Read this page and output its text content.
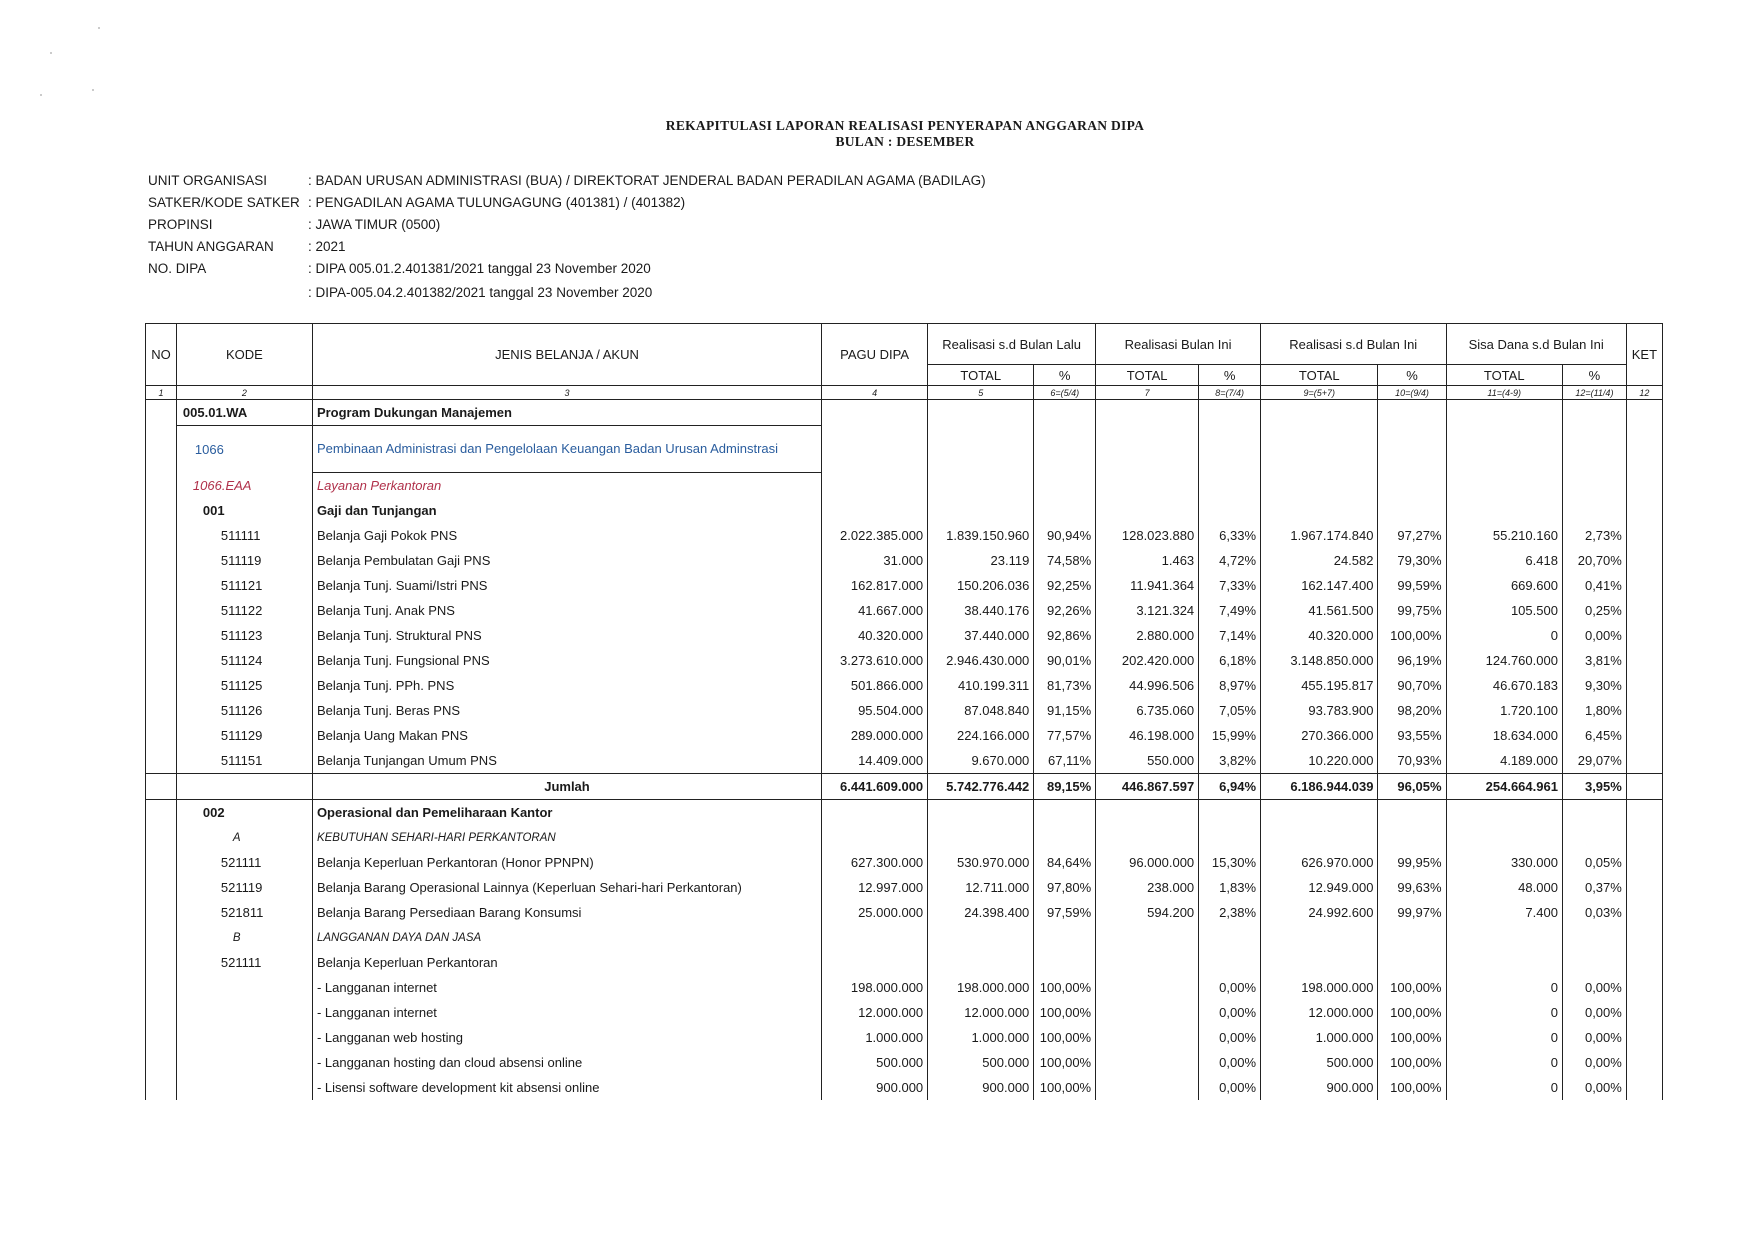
REKAPITULASI LAPORAN REALISASI PENYERAPAN ANGGARAN DIPA
BULAN : DESEMBER
UNIT ORGANISASI	: BADAN URUSAN ADMINISTRASI (BUA) / DIREKTORAT JENDERAL BADAN PERADILAN AGAMA (BADILAG)
SATKER/KODE SATKER : PENGADILAN AGAMA TULUNGAGUNG (401381) / (401382)
PROPINSI	: JAWA TIMUR (0500)
TAHUN ANGGARAN	: 2021
NO. DIPA	: DIPA 005.01.2.401381/2021 tanggal 23 November 2020
: DIPA-005.04.2.401382/2021 tanggal 23 November 2020
NO	KODE	JENIS BELANJA / AKUN	PAGU DIPA	Realisasi s.d Bulan Lalu		Realisasi Bulan Ini		Realisasi s.d Bulan Ini		Sisa Dana s.d Bulan Ini		KET
				TOTAL	%	TOTAL	%	TOTAL	%	TOTAL	%	
1	2	3	4	5	6=(5/4)	7	8=(7/4)	9=(5+7)	10=(9/4)	11=(4-9)	12=(11/4)	12
	005.01.WA	Program Dukungan Manajemen										
	1066	Pembinaan Administrasi dan Pengelolaan Keuangan Badan Urusan Adminstrasi										
	1066.EAA	Layanan Perkantoran										
	001	Gaji dan Tunjangan										
	511111	Belanja Gaji Pokok PNS	2.022.385.000	1.839.150.960	90,94%	128.023.880	6,33%	1.967.174.840	97,27%	55.210.160	2,73%	
	511119	Belanja Pembulatan Gaji PNS	31.000	23.119	74,58%	1.463	4,72%	24.582	79,30%	6.418	20,70%	
	511121	Belanja Tunj. Suami/Istri PNS	162.817.000	150.206.036	92,25%	11.941.364	7,33%	162.147.400	99,59%	669.600	0,41%	
	511122	Belanja Tunj. Anak PNS	41.667.000	38.440.176	92,26%	3.121.324	7,49%	41.561.500	99,75%	105.500	0,25%	
	511123	Belanja Tunj. Struktural PNS	40.320.000	37.440.000	92,86%	2.880.000	7,14%	40.320.000	100,00%	0	0,00%	
	511124	Belanja Tunj. Fungsional PNS	3.273.610.000	2.946.430.000	90,01%	202.420.000	6,18%	3.148.850.000	96,19%	124.760.000	3,81%	
	511125	Belanja Tunj. PPh. PNS	501.866.000	410.199.311	81,73%	44.996.506	8,97%	455.195.817	90,70%	46.670.183	9,30%	
	511126	Belanja Tunj. Beras PNS	95.504.000	87.048.840	91,15%	6.735.060	7,05%	93.783.900	98,20%	1.720.100	1,80%	
	511129	Belanja Uang Makan PNS	289.000.000	224.166.000	77,57%	46.198.000	15,99%	270.366.000	93,55%	18.634.000	6,45%	
	511151	Belanja Tunjangan Umum PNS	14.409.000	9.670.000	67,11%	550.000	3,82%	10.220.000	70,93%	4.189.000	29,07%	
		Jumlah	6.441.609.000	5.742.776.442	89,15%	446.867.597	6,94%	6.186.944.039	96,05%	254.664.961	3,95%	
	002	Operasional dan Pemeliharaan Kantor										
	A	KEBUTUHAN SEHARI-HARI PERKANTORAN										
	521111	Belanja Keperluan Perkantoran (Honor PPNPN)	627.300.000	530.970.000	84,64%	96.000.000	15,30%	626.970.000	99,95%	330.000	0,05%	
	521119	Belanja Barang Operasional Lainnya (Keperluan Sehari-hari Perkantoran)	12.997.000	12.711.000	97,80%	238.000	1,83%	12.949.000	99,63%	48.000	0,37%	
	521811	Belanja Barang Persediaan Barang Konsumsi	25.000.000	24.398.400	97,59%	594.200	2,38%	24.992.600	99,97%	7.400	0,03%	
	B	LANGGANAN DAYA DAN JASA										
	521111	Belanja Keperluan Perkantoran										
		- Langganan internet	198.000.000	198.000.000	100,00%		0,00%	198.000.000	100,00%	0	0,00%	
		- Langganan internet	12.000.000	12.000.000	100,00%		0,00%	12.000.000	100,00%	0	0,00%	
		- Langganan web hosting	1.000.000	1.000.000	100,00%		0,00%	1.000.000	100,00%	0	0,00%	
		- Langganan hosting dan cloud absensi online	500.000	500.000	100,00%		0,00%	500.000	100,00%	0	0,00%	
		- Lisensi software development kit absensi online	900.000	900.000	100,00%		0,00%	900.000	100,00%	0	0,00%	
